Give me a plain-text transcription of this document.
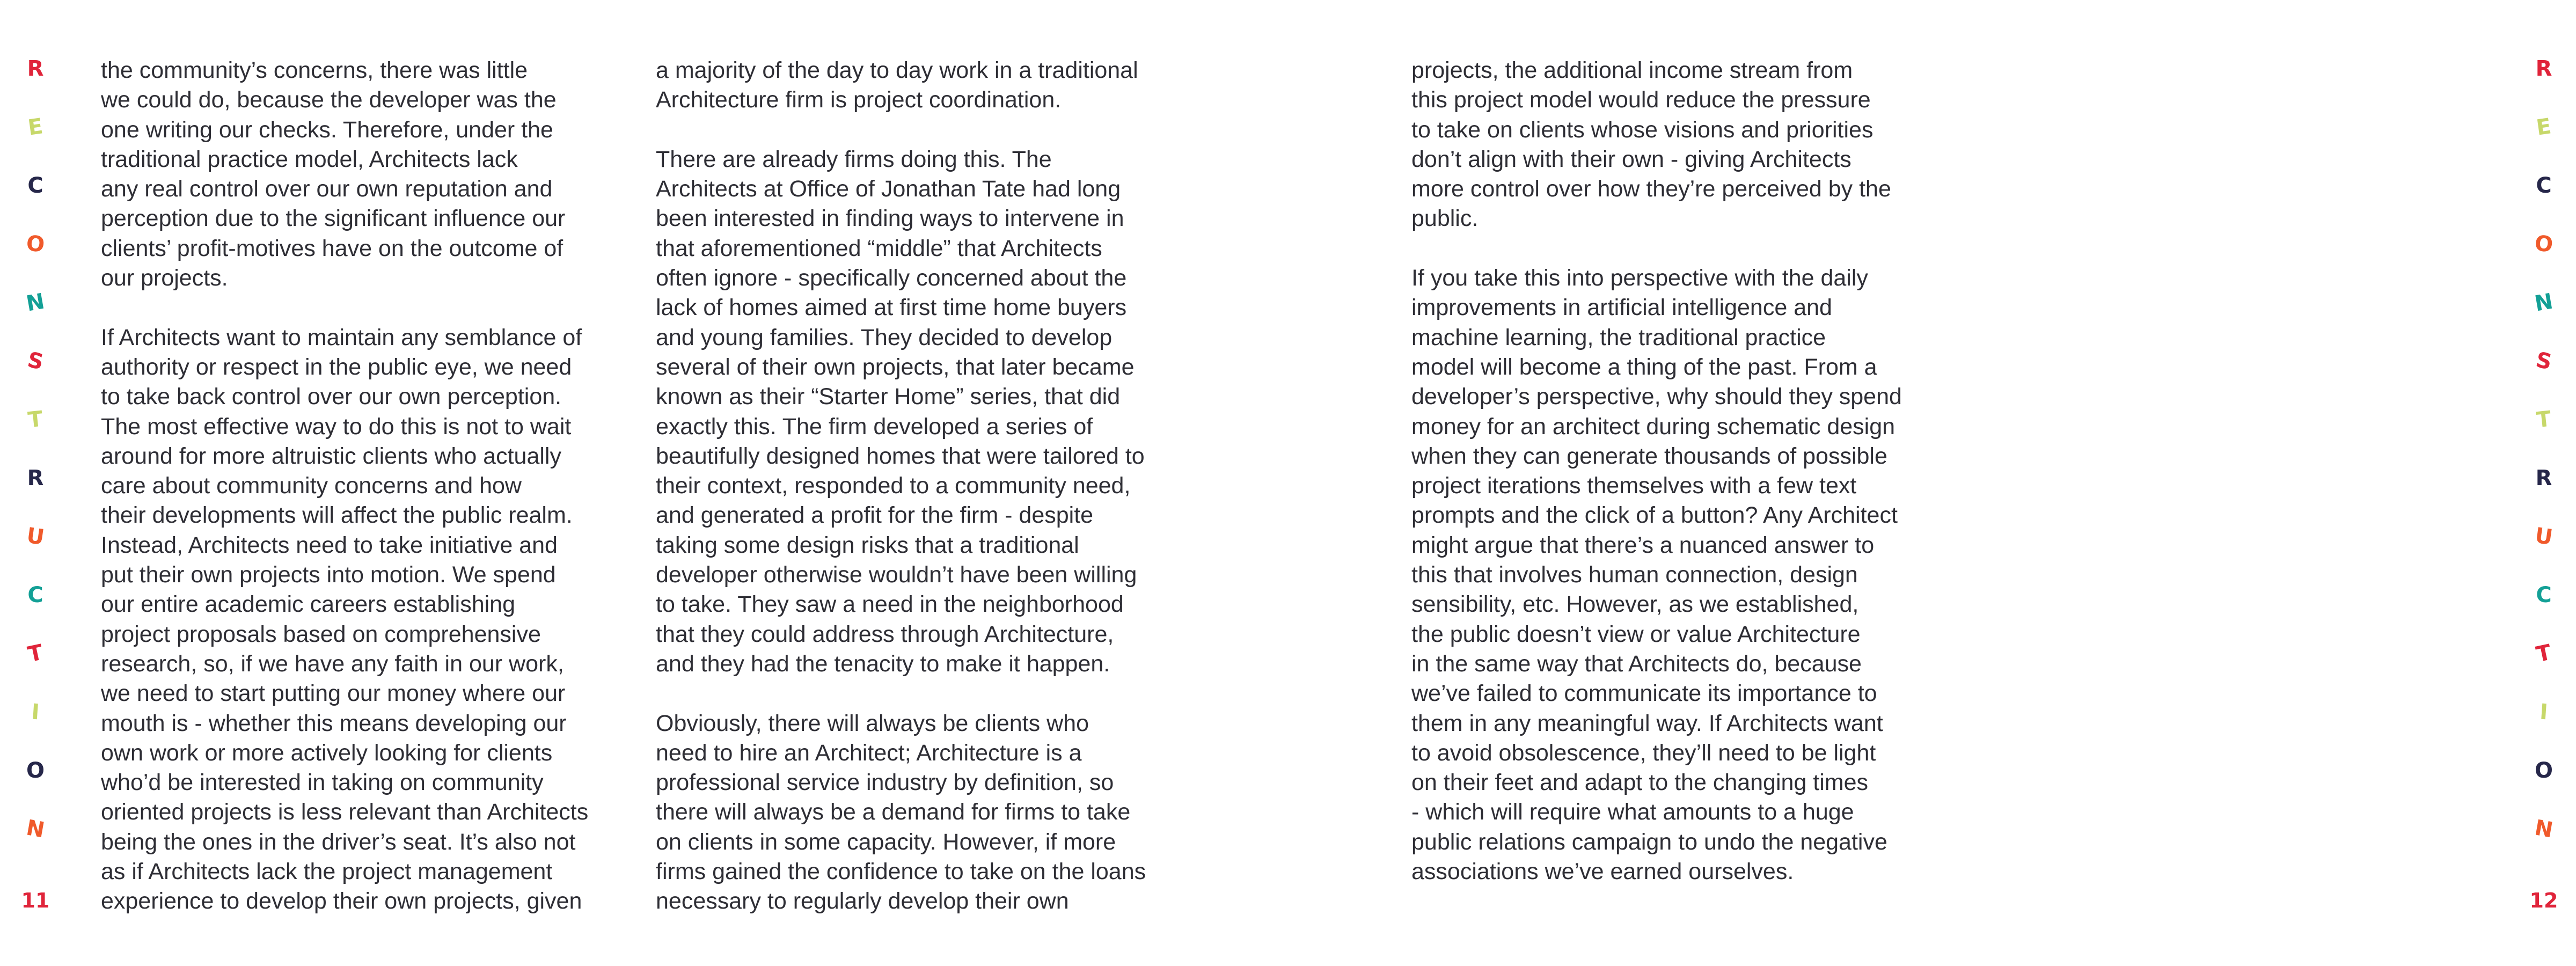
R
E
C
O
N
S
T
R
U
C
T
I
O
N
11

the community’s concerns, there was little
we could do, because the developer was the
one writing our checks. Therefore, under the
traditional practice model, Architects lack
any real control over our own reputation and
perception due to the significant influence our
clients’ profit-motives have on the outcome of
our projects.

If Architects want to maintain any semblance of
authority or respect in the public eye, we need
to take back control over our own perception.
The most effective way to do this is not to wait
around for more altruistic clients who actually
care about community concerns and how
their developments will affect the public realm.
Instead, Architects need to take initiative and
put their own projects into motion. We spend
our entire academic careers establishing
project proposals based on comprehensive
research, so, if we have any faith in our work,
we need to start putting our money where our
mouth is - whether this means developing our
own work or more actively looking for clients
who’d be interested in taking on community
oriented projects is less relevant than Architects
being the ones in the driver’s seat. It’s also not
as if Architects lack the project management
experience to develop their own projects, given

a majority of the day to day work in a traditional
Architecture firm is project coordination.

There are already firms doing this. The
Architects at Office of Jonathan Tate had long
been interested in finding ways to intervene in
that aforementioned “middle” that Architects
often ignore - specifically concerned about the
lack of homes aimed at first time home buyers
and young families. They decided to develop
several of their own projects, that later became
known as their “Starter Home” series, that did
exactly this. The firm developed a series of
beautifully designed homes that were tailored to
their context, responded to a community need,
and generated a profit for the firm - despite
taking some design risks that a traditional
developer otherwise wouldn’t have been willing
to take. They saw a need in the neighborhood
that they could address through Architecture,
and they had the tenacity to make it happen.

Obviously, there will always be clients who
need to hire an Architect; Architecture is a
professional service industry by definition, so
there will always be a demand for firms to take
on clients in some capacity. However, if more
firms gained the confidence to take on the loans
necessary to regularly develop their own

projects, the additional income stream from
this project model would reduce the pressure
to take on clients whose visions and priorities
don’t align with their own - giving Architects
more control over how they’re perceived by the
public.

If you take this into perspective with the daily
improvements in artificial intelligence and
machine learning, the traditional practice
model will become a thing of the past. From a
developer’s perspective, why should they spend
money for an architect during schematic design
when they can generate thousands of possible
project iterations themselves with a few text
prompts and the click of a button? Any Architect
might argue that there’s a nuanced answer to
this that involves human connection, design
sensibility, etc. However, as we established,
the public doesn’t view or value Architecture
in the same way that Architects do, because
we’ve failed to communicate its importance to
them in any meaningful way. If Architects want
to avoid obsolescence, they’ll need to be light
on their feet and adapt to the changing times
- which will require what amounts to a huge
public relations campaign to undo the negative
associations we’ve earned ourselves.

R
E
C
O
N
S
T
R
U
C
T
I
O
N
12
